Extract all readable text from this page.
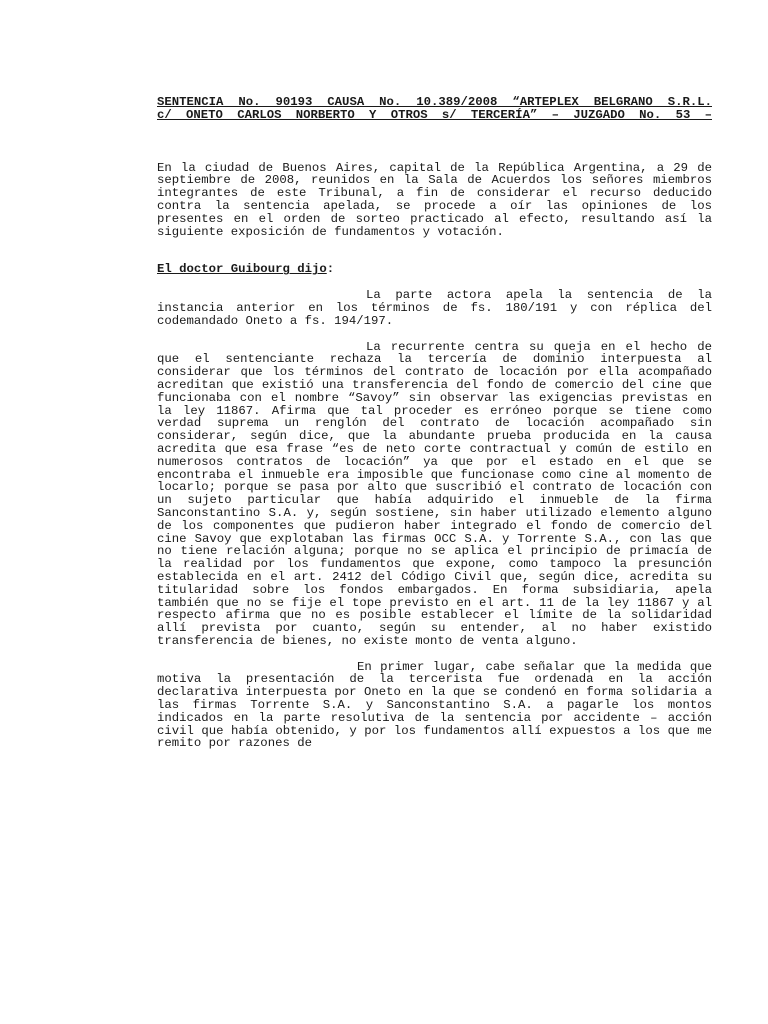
SENTENCIA No. 90193 CAUSA No. 10.389/2008 “ARTEPLEX BELGRANO S.R.L.

c/ ONETO CARLOS NORBERTO Y OTROS s/ TERCERÍA” – JUZGADO No. 53 –

En la ciudad de Buenos Aires, capital de la República Argentina, a 29 de septiembre de 2008, reunidos en la Sala de Acuerdos los señores miembros integrantes de este Tribunal, a fin de considerar el recurso deducido contra la sentencia apelada, se procede a oír las opiniones de los presentes en el orden de sorteo practicado al efecto, resultando así la siguiente exposición de fundamentos y votación.

El doctor Guibourg dijo:

La parte actora apela la sentencia de la instancia anterior en los términos de fs. 180/191 y con réplica del codemandado Oneto a fs. 194/197.

La recurrente centra su queja en el hecho de que el sentenciante rechaza la tercería de dominio interpuesta al considerar que los términos del contrato de locación por ella acompañado acreditan que existió una transferencia del fondo de comercio del cine que funcionaba con el nombre “Savoy” sin observar las exigencias previstas en la ley 11867. Afirma que tal proceder es erróneo porque se tiene como verdad suprema un renglón del contrato de locación acompañado sin considerar, según dice, que la abundante prueba producida en la causa acredita que esa frase “es de neto corte contractual y común de estilo en numerosos contratos de locación” ya que por el estado en el que se encontraba el inmueble era imposible que funcionase como cine al momento de locarlo; porque se pasa por alto que suscribió el contrato de locación con un sujeto particular que había adquirido el inmueble de la firma Sanconstantino S.A. y, según sostiene, sin haber utilizado elemento alguno de los componentes que pudieron haber integrado el fondo de comercio del cine Savoy que explotaban las firmas OCC S.A. y Torrente S.A., con las que no tiene relación alguna; porque no se aplica el principio de primacía de la realidad por los fundamentos que expone, como tampoco la presunción establecida en el art. 2412 del Código Civil que, según dice, acredita su titularidad sobre los fondos embargados. En forma subsidiaria, apela también que no se fije el tope previsto en el art. 11 de la ley 11867 y al respecto afirma que no es posible establecer el límite de la solidaridad allí prevista por cuanto, según su entender, al no haber existido transferencia de bienes, no existe monto de venta alguno.

En primer lugar, cabe señalar que la medida que motiva la presentación de la tercerista fue ordenada en la acción declarativa interpuesta por Oneto en la que se condenó en forma solidaria a las firmas Torrente S.A. y Sanconstantino S.A. a pagarle los montos indicados en la parte resolutiva de la sentencia por accidente – acción civil que había obtenido, y por los fundamentos allí expuestos a los que me remito por razones de
